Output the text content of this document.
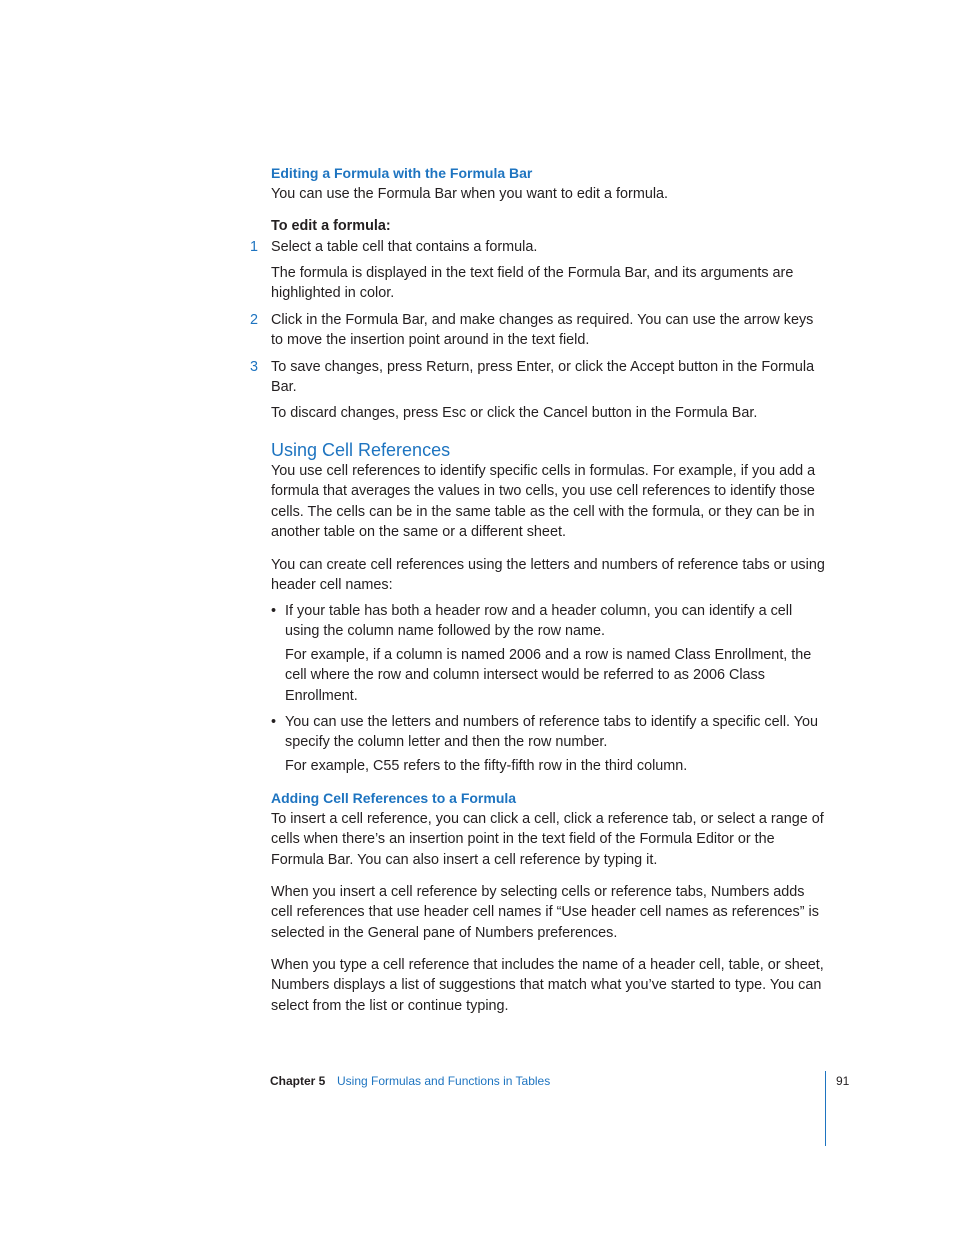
Editing a Formula with the Formula Bar
You can use the Formula Bar when you want to edit a formula.
To edit a formula:
1 Select a table cell that contains a formula.
The formula is displayed in the text field of the Formula Bar, and its arguments are highlighted in color.
2 Click in the Formula Bar, and make changes as required. You can use the arrow keys to move the insertion point around in the text field.
3 To save changes, press Return, press Enter, or click the Accept button in the Formula Bar.
To discard changes, press Esc or click the Cancel button in the Formula Bar.
Using Cell References
You use cell references to identify specific cells in formulas. For example, if you add a formula that averages the values in two cells, you use cell references to identify those cells. The cells can be in the same table as the cell with the formula, or they can be in another table on the same or a different sheet.
You can create cell references using the letters and numbers of reference tabs or using header cell names:
• If your table has both a header row and a header column, you can identify a cell using the column name followed by the row name.
For example, if a column is named 2006 and a row is named Class Enrollment, the cell where the row and column intersect would be referred to as 2006 Class Enrollment.
• You can use the letters and numbers of reference tabs to identify a specific cell. You specify the column letter and then the row number.
For example, C55 refers to the fifty-fifth row in the third column.
Adding Cell References to a Formula
To insert a cell reference, you can click a cell, click a reference tab, or select a range of cells when there’s an insertion point in the text field of the Formula Editor or the Formula Bar. You can also insert a cell reference by typing it.
When you insert a cell reference by selecting cells or reference tabs, Numbers adds cell references that use header cell names if “Use header cell names as references” is selected in the General pane of Numbers preferences.
When you type a cell reference that includes the name of a header cell, table, or sheet, Numbers displays a list of suggestions that match what you’ve started to type. You can select from the list or continue typing.
Chapter 5 Using Formulas and Functions in Tables	91
